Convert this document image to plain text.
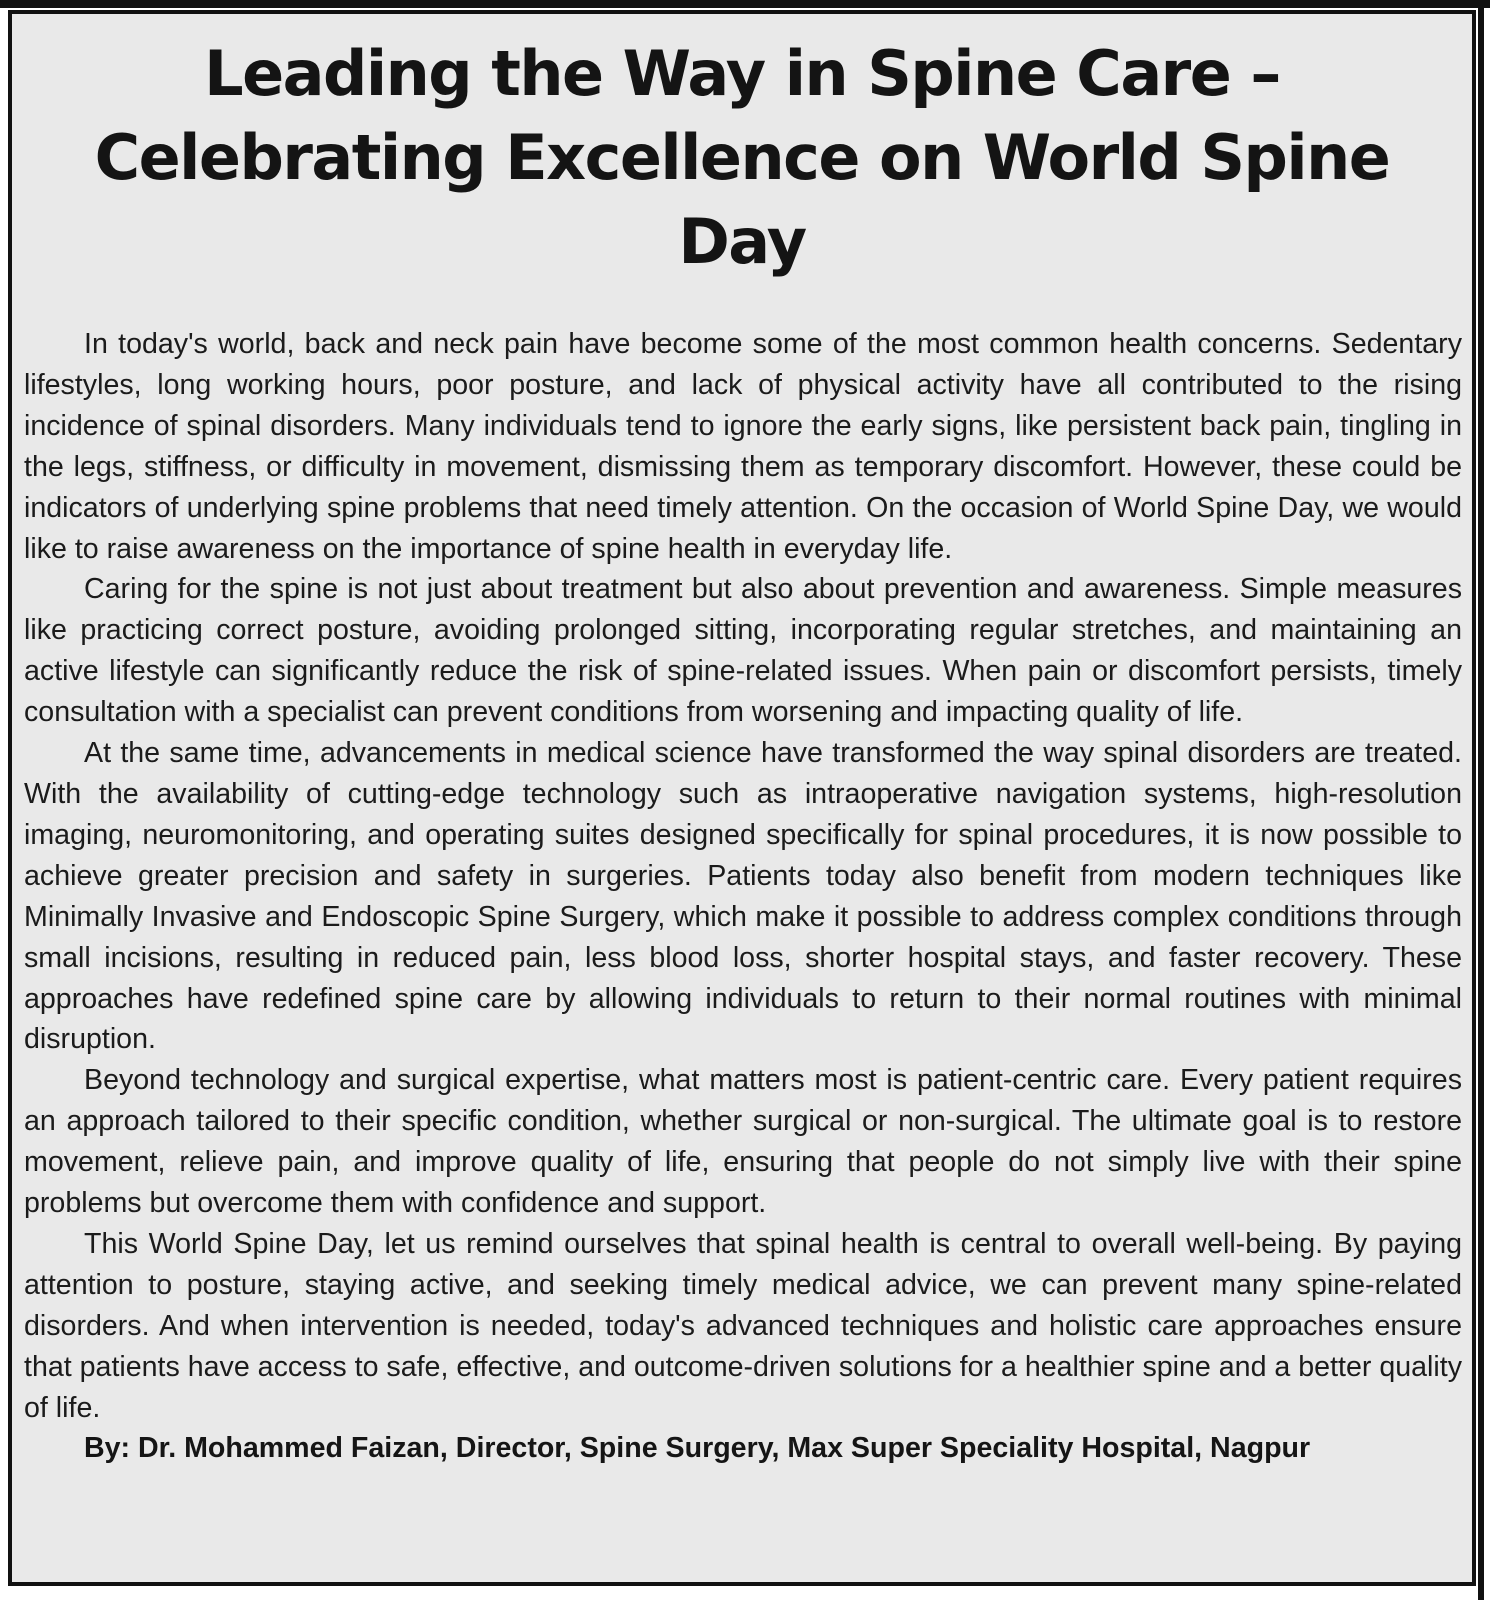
Leading the Way in Spine Care – Celebrating Excellence on World Spine Day

In today's world, back and neck pain have become some of the most common health concerns. Sedentary lifestyles, long working hours, poor posture, and lack of physical activity have all contributed to the rising incidence of spinal disorders. Many individuals tend to ignore the early signs, like persistent back pain, tingling in the legs, stiffness, or difficulty in movement, dismissing them as temporary discomfort. However, these could be indicators of underlying spine problems that need timely attention. On the occasion of World Spine Day, we would like to raise awareness on the importance of spine health in everyday life.

Caring for the spine is not just about treatment but also about prevention and awareness. Simple measures like practicing correct posture, avoiding prolonged sitting, incorporating regular stretches, and maintaining an active lifestyle can significantly reduce the risk of spine-related issues. When pain or discomfort persists, timely consultation with a specialist can prevent conditions from worsening and impacting quality of life.

At the same time, advancements in medical science have transformed the way spinal disorders are treated. With the availability of cutting-edge technology such as intraoperative navigation systems, high-resolution imaging, neuromonitoring, and operating suites designed specifically for spinal procedures, it is now possible to achieve greater precision and safety in surgeries. Patients today also benefit from modern techniques like Minimally Invasive and Endoscopic Spine Surgery, which make it possible to address complex conditions through small incisions, resulting in reduced pain, less blood loss, shorter hospital stays, and faster recovery. These approaches have redefined spine care by allowing individuals to return to their normal routines with minimal disruption.

Beyond technology and surgical expertise, what matters most is patient-centric care. Every patient requires an approach tailored to their specific condition, whether surgical or non-surgical. The ultimate goal is to restore movement, relieve pain, and improve quality of life, ensuring that people do not simply live with their spine problems but overcome them with confidence and support.

This World Spine Day, let us remind ourselves that spinal health is central to overall well-being. By paying attention to posture, staying active, and seeking timely medical advice, we can prevent many spine-related disorders. And when intervention is needed, today's advanced techniques and holistic care approaches ensure that patients have access to safe, effective, and outcome-driven solutions for a healthier spine and a better quality of life.

By: Dr. Mohammed Faizan, Director, Spine Surgery, Max Super Speciality Hospital, Nagpur
